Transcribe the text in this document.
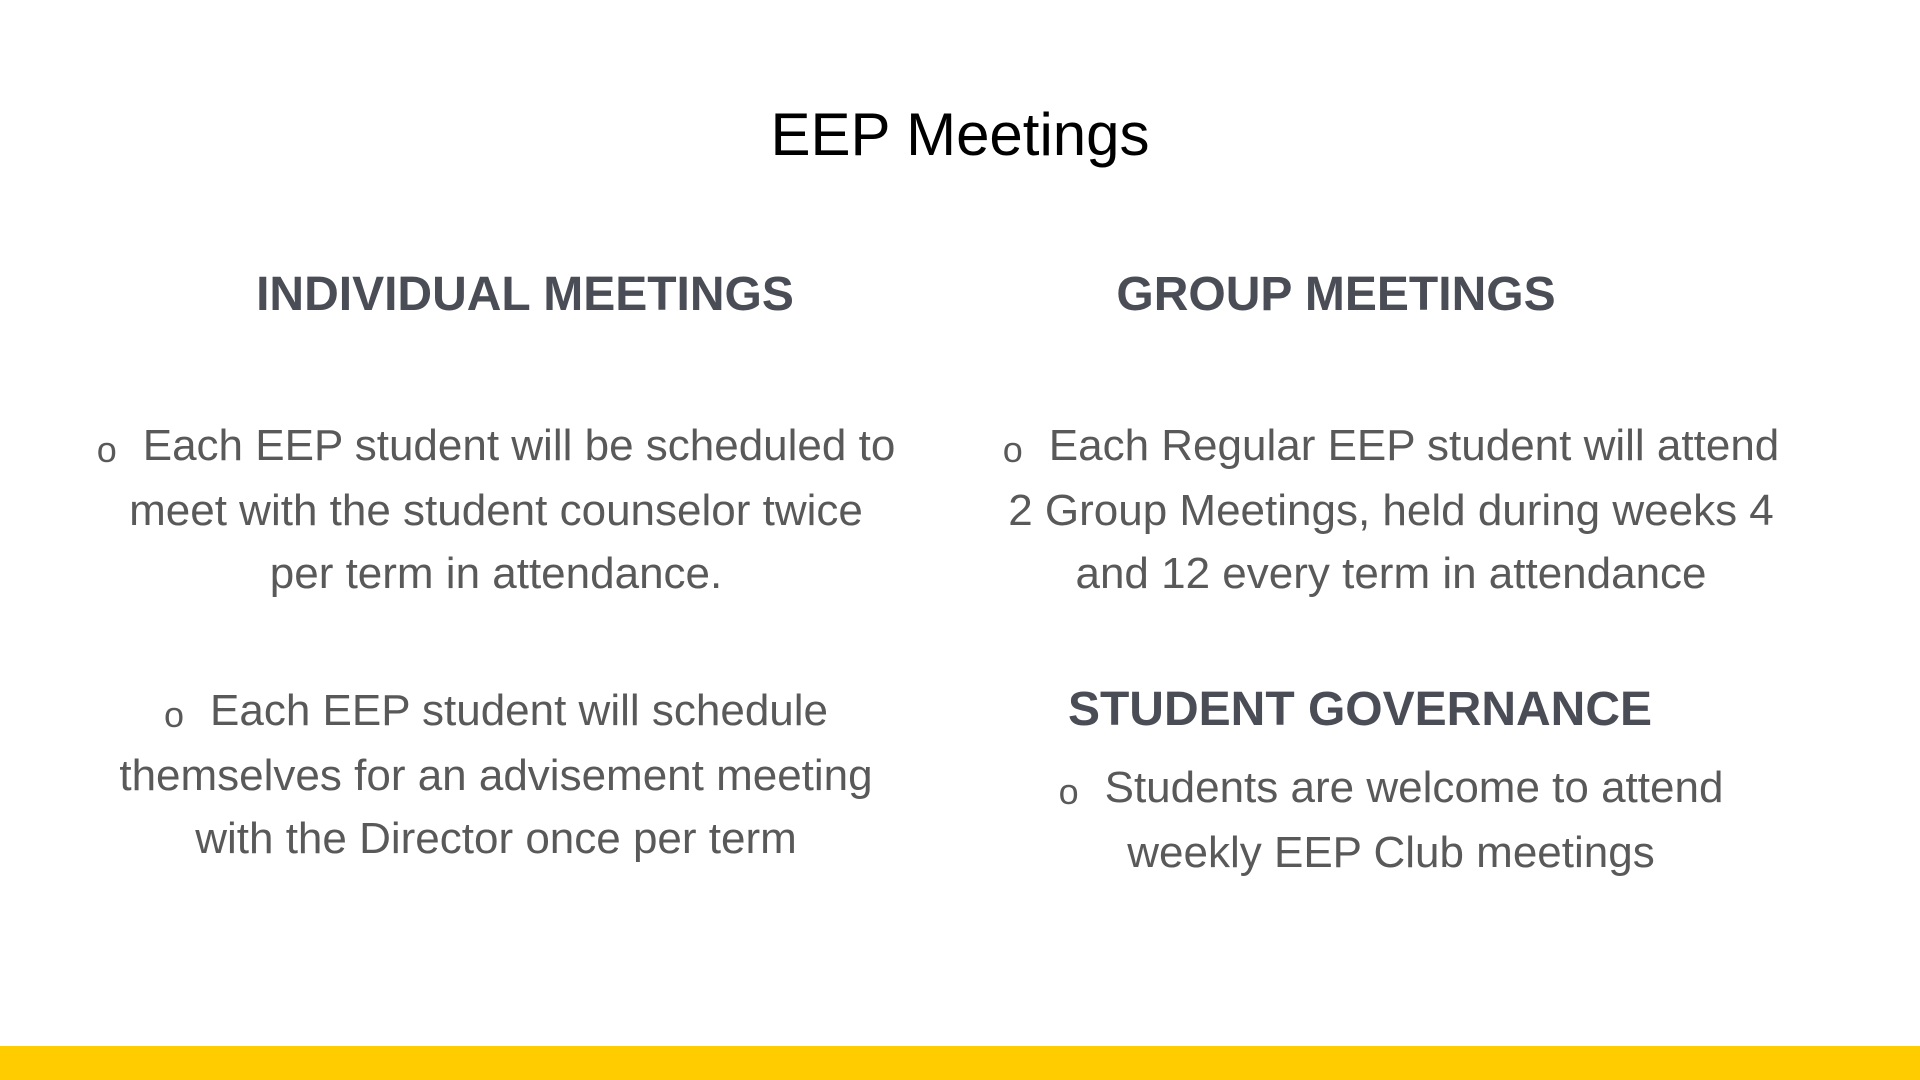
EEP Meetings
INDIVIDUAL MEETINGS
o Each EEP student will be scheduled to meet with the student counselor twice per term in attendance.
o Each EEP student will schedule themselves for an advisement meeting with the Director once per term
GROUP MEETINGS
o Each Regular EEP student will attend 2 Group Meetings, held during weeks 4 and 12 every term in attendance
STUDENT GOVERNANCE
o Students are welcome to attend weekly EEP Club meetings
